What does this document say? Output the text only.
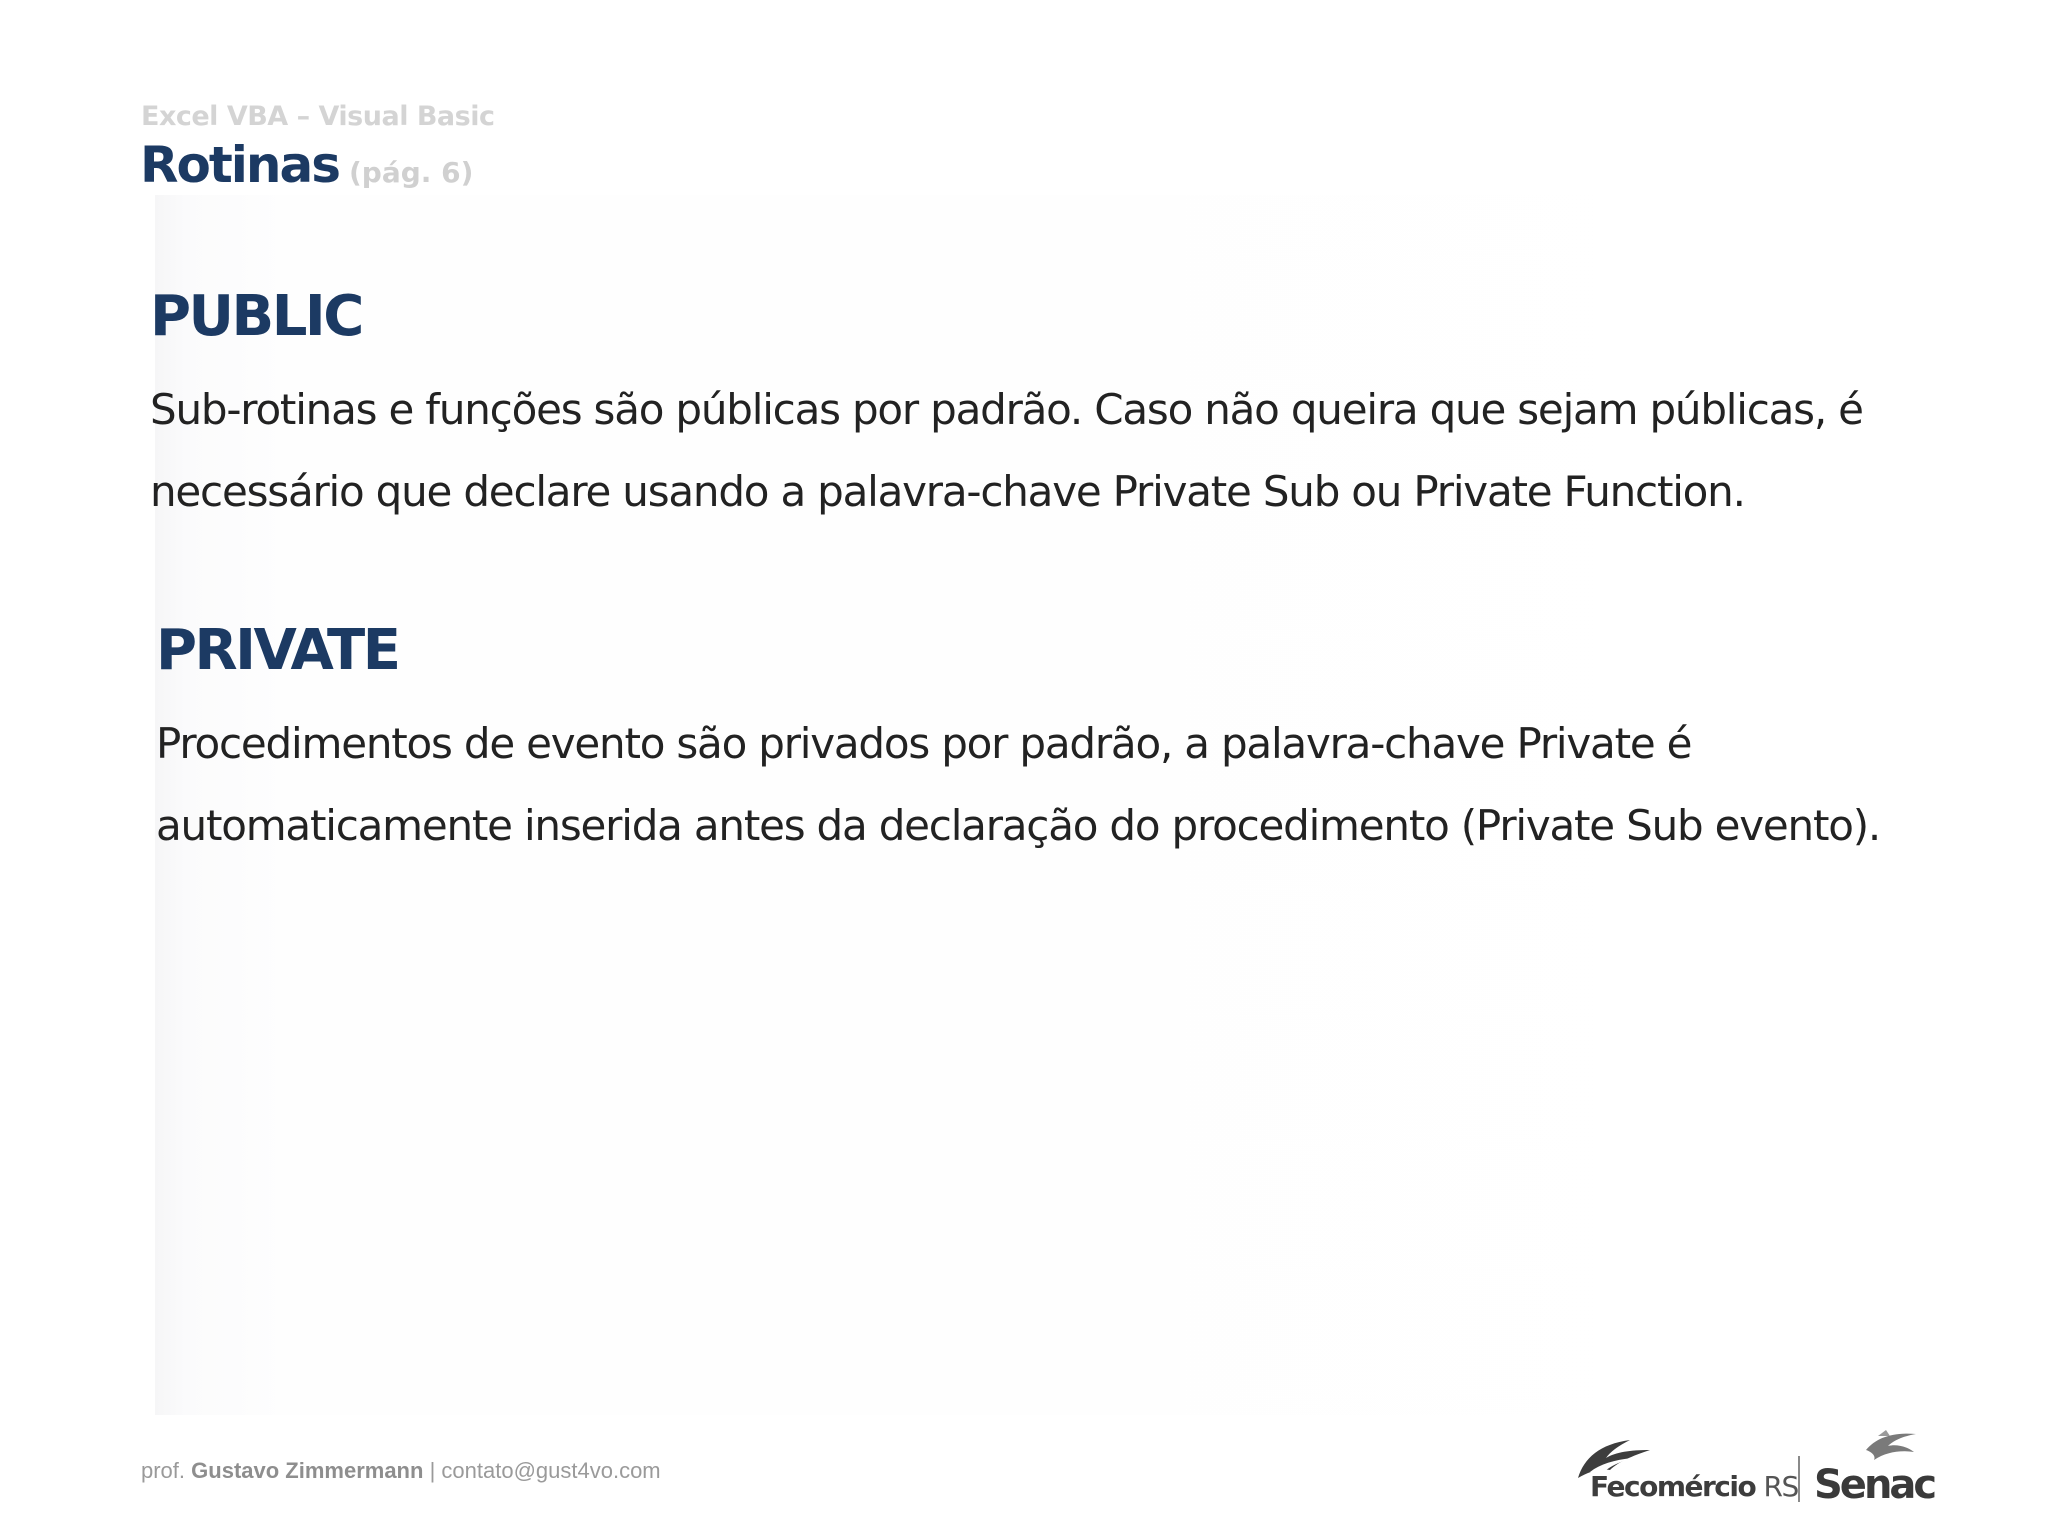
Excel VBA – Visual Basic

Rotinas (pág. 6)
PUBLIC

Sub-rotinas e funções são públicas por padrão. Caso não queira que sejam públicas, é necessário que declare usando a palavra-chave Private Sub ou Private Function.

PRIVATE

Procedimentos de evento são privados por padrão, a palavra-chave Private é automaticamente inserida antes da declaração do procedimento (Private Sub evento).

prof. Gustavo Zimmermann | contato@gust4vo.com	Fecomércio RS Senac
